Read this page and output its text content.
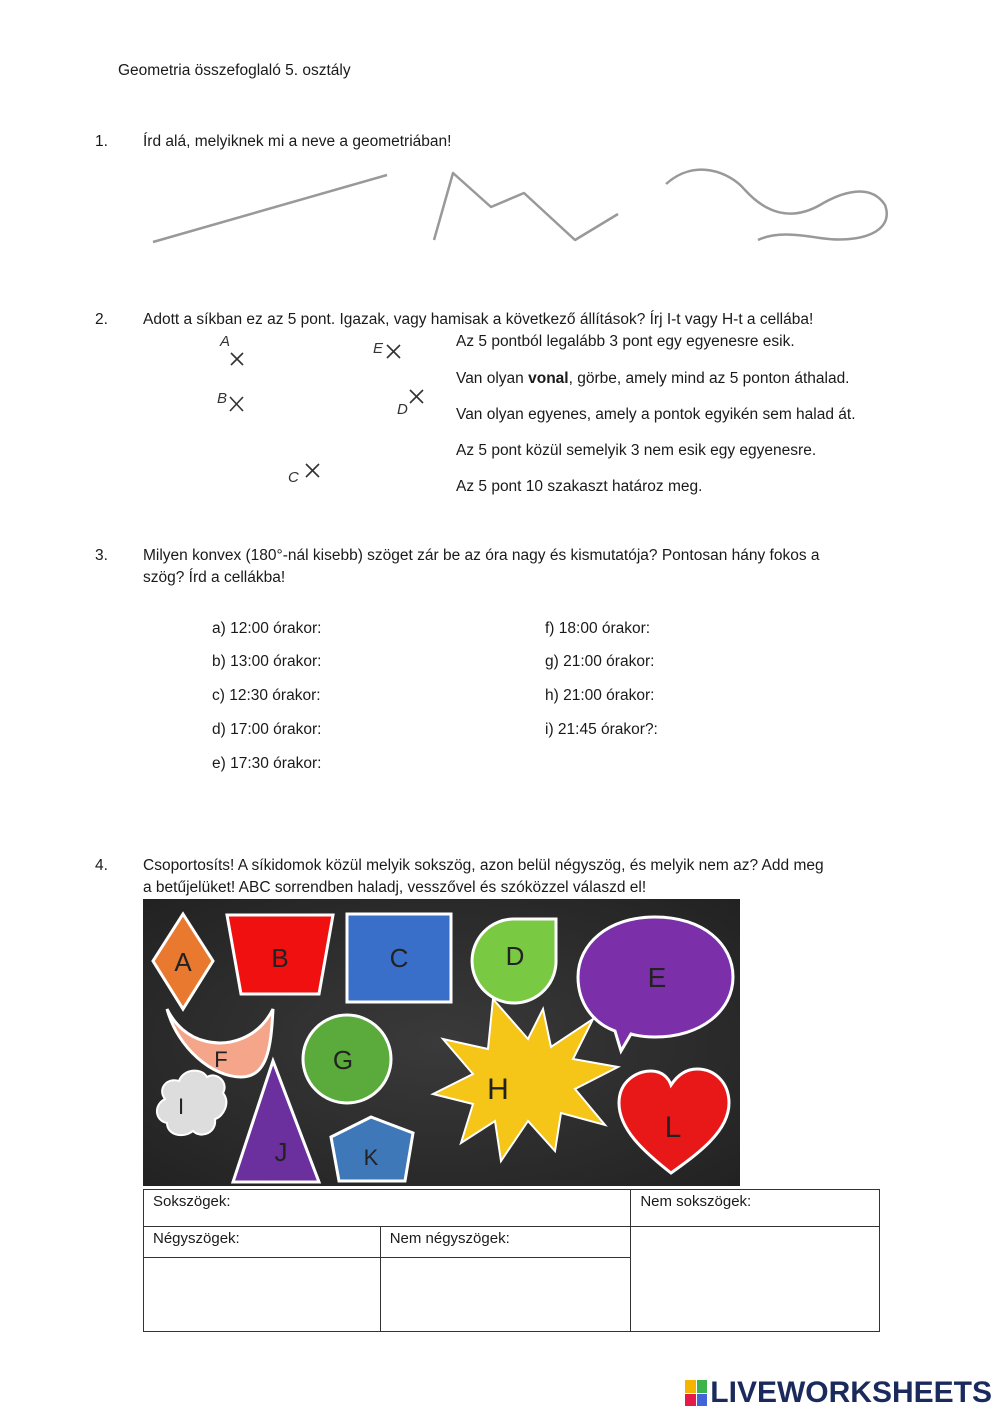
Geometria összefoglaló 5. osztály
1. Írd alá, melyiknek mi a neve a geometriában!
2. Adott a síkban ez az 5 pont. Igazak, vagy hamisak a következő állítások? Írj I-t vagy H-t a cellába!
A	E
B
D
C
Az 5 pontból legalább 3 pont egy egyenesre esik.
Van olyan vonal, görbe, amely mind az 5 ponton áthalad.
Van olyan egyenes, amely a pontok egyikén sem halad át.
Az 5 pont közül semelyik 3 nem esik egy egyenesre.
Az 5 pont 10 szakaszt határoz meg.
3. Milyen konvex (180°-nál kisebb) szöget zár be az óra nagy és kismutatója? Pontosan hány fokos a
szög? Írd a cellákba!
a) 12:00 órakor:
b) 13:00 órakor:
c) 12:30 órakor:
d) 17:00 órakor:
e) 17:30 órakor:
f) 18:00 órakor:
g) 21:00 órakor:
h) 21:00 órakor:
i) 21:45 órakor?:
4. Csoportosíts! A síkidomok közül melyik sokszög, azon belül négyszög, és melyik nem az? Add meg
a betűjelüket! ABC sorrendben haladj, vesszővel és szóközzel válaszd el!
A	B	C	D
E
F	G
H
I
J	K
L
Sokszögek:		Nem sokszögek:
Négyszögek:	Nem négyszögek:	

LIVEWORKSHEETS
